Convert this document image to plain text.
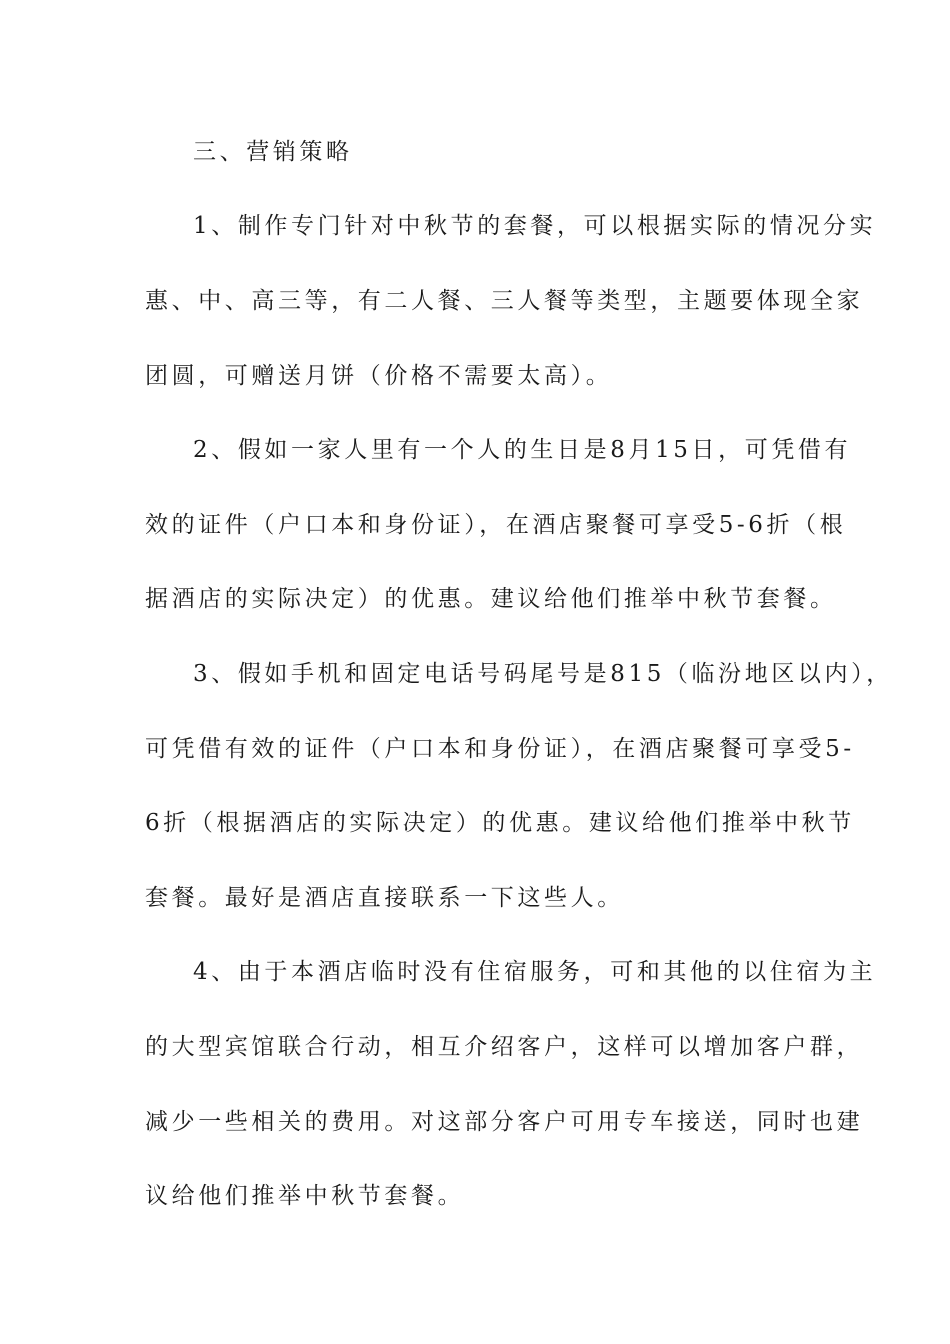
三、营销策略
1、制作专门针对中秋节的套餐，可以根据实际的情况分实
惠、中、高三等，有二人餐、三人餐等类型，主题要体现全家
团圆，可赠送月饼（价格不需要太高）。
2、假如一家人里有一个人的生日是8月15日，可凭借有
效的证件（户口本和身份证），在酒店聚餐可享受5-6折（根
据酒店的实际决定）的优惠。建议给他们推举中秋节套餐。
3、假如手机和固定电话号码尾号是815（临汾地区以内），
可凭借有效的证件（户口本和身份证），在酒店聚餐可享受5-
6折（根据酒店的实际决定）的优惠。建议给他们推举中秋节
套餐。最好是酒店直接联系一下这些人。
4、由于本酒店临时没有住宿服务，可和其他的以住宿为主
的大型宾馆联合行动，相互介绍客户，这样可以增加客户群，
减少一些相关的费用。对这部分客户可用专车接送，同时也建
议给他们推举中秋节套餐。
